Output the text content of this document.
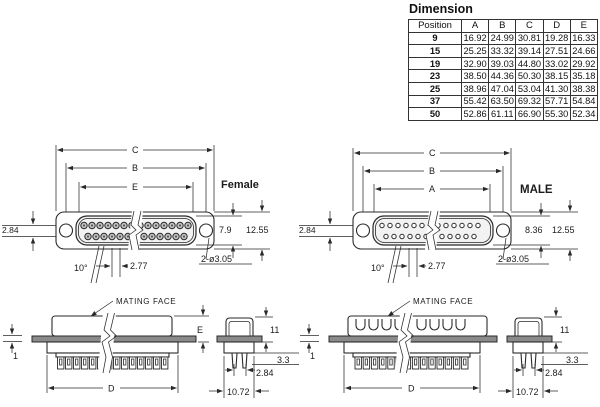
C
B
E	Female
2.84
10°	2.77
7.9 12.55
2-ø3.05
C
B
A	MALE
2.84
10°	2.77
8.36 12.55
2-ø3.05
MATING FACE
D
E
1
11
3.3
2.84
10.72
MATING FACE
D
1
11
3.3
2.84
10.72
Dimension
Position	A	B	C	D	E
9	16.92	24.99	30.81	19.28	16.33
15	25.25	33.32	39.14	27.51	24.66
19	32.90	39.03	44.80	33.02	29.92
23	38.50	44.36	50.30	38.15	35.18
25	38.96	47.04	53.04	41.30	38.38
37	55.42	63.50	69.32	57.71	54.84
50	52.86	61.11	66.90	55.30	52.34
